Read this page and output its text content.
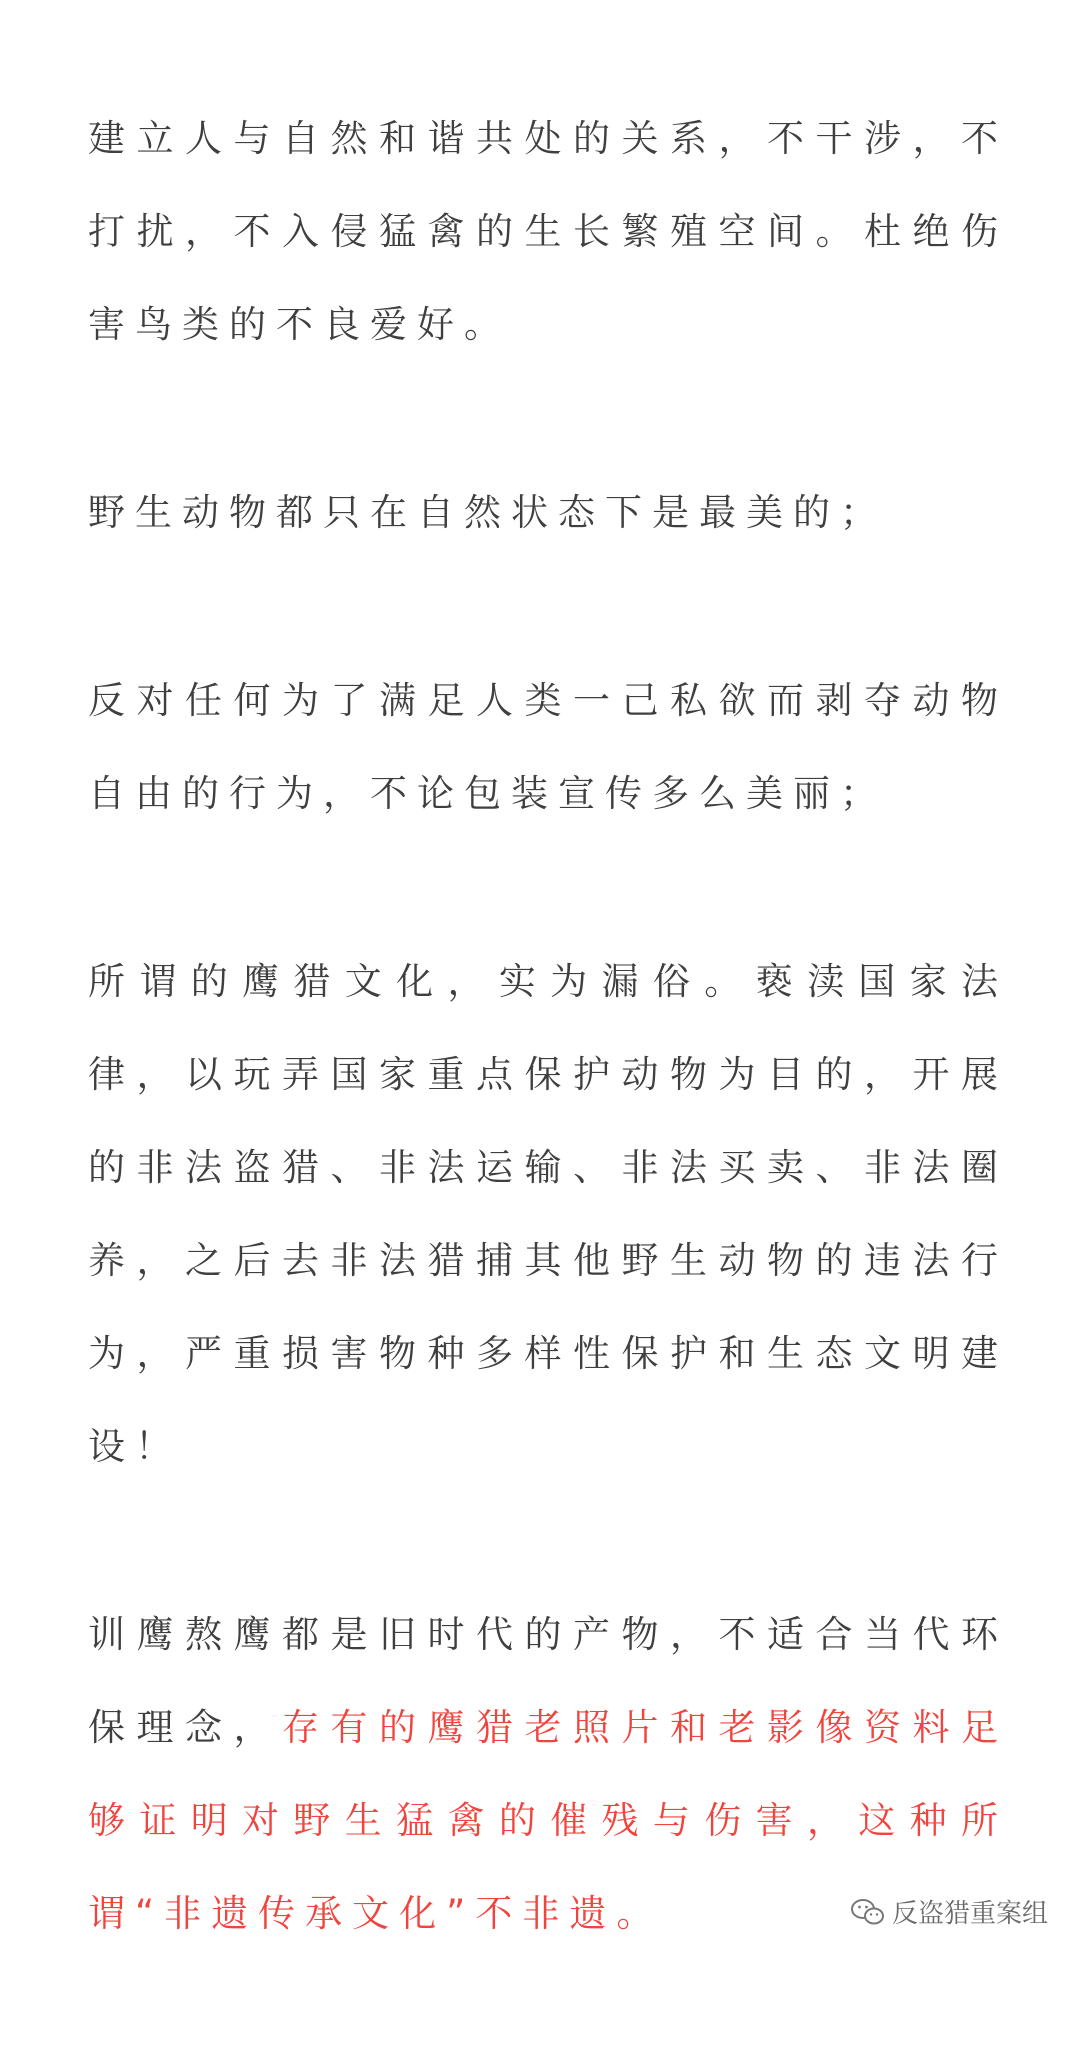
建立人与自然和谐共处的关系，不干涉，不打扰，不入侵猛禽的生长繁殖空间。杜绝伤害鸟类的不良爱好。

野生动物都只在自然状态下是最美的；

反对任何为了满足人类一己私欲而剥夺动物自由的行为，不论包装宣传多么美丽；

所谓的鹰猎文化，实为漏俗。亵渎国家法律，以玩弄国家重点保护动物为目的，开展的非法盗猎、非法运输、非法买卖、非法圈养，之后去非法猎捕其他野生动物的违法行为，严重损害物种多样性保护和生态文明建设！

训鹰熬鹰都是旧时代的产物，不适合当代环保理念，存有的鹰猎老照片和老影像资料足够证明对野生猛禽的催残与伤害，这种所谓“非遗传承文化”不非遗。	反盗猎重案组
